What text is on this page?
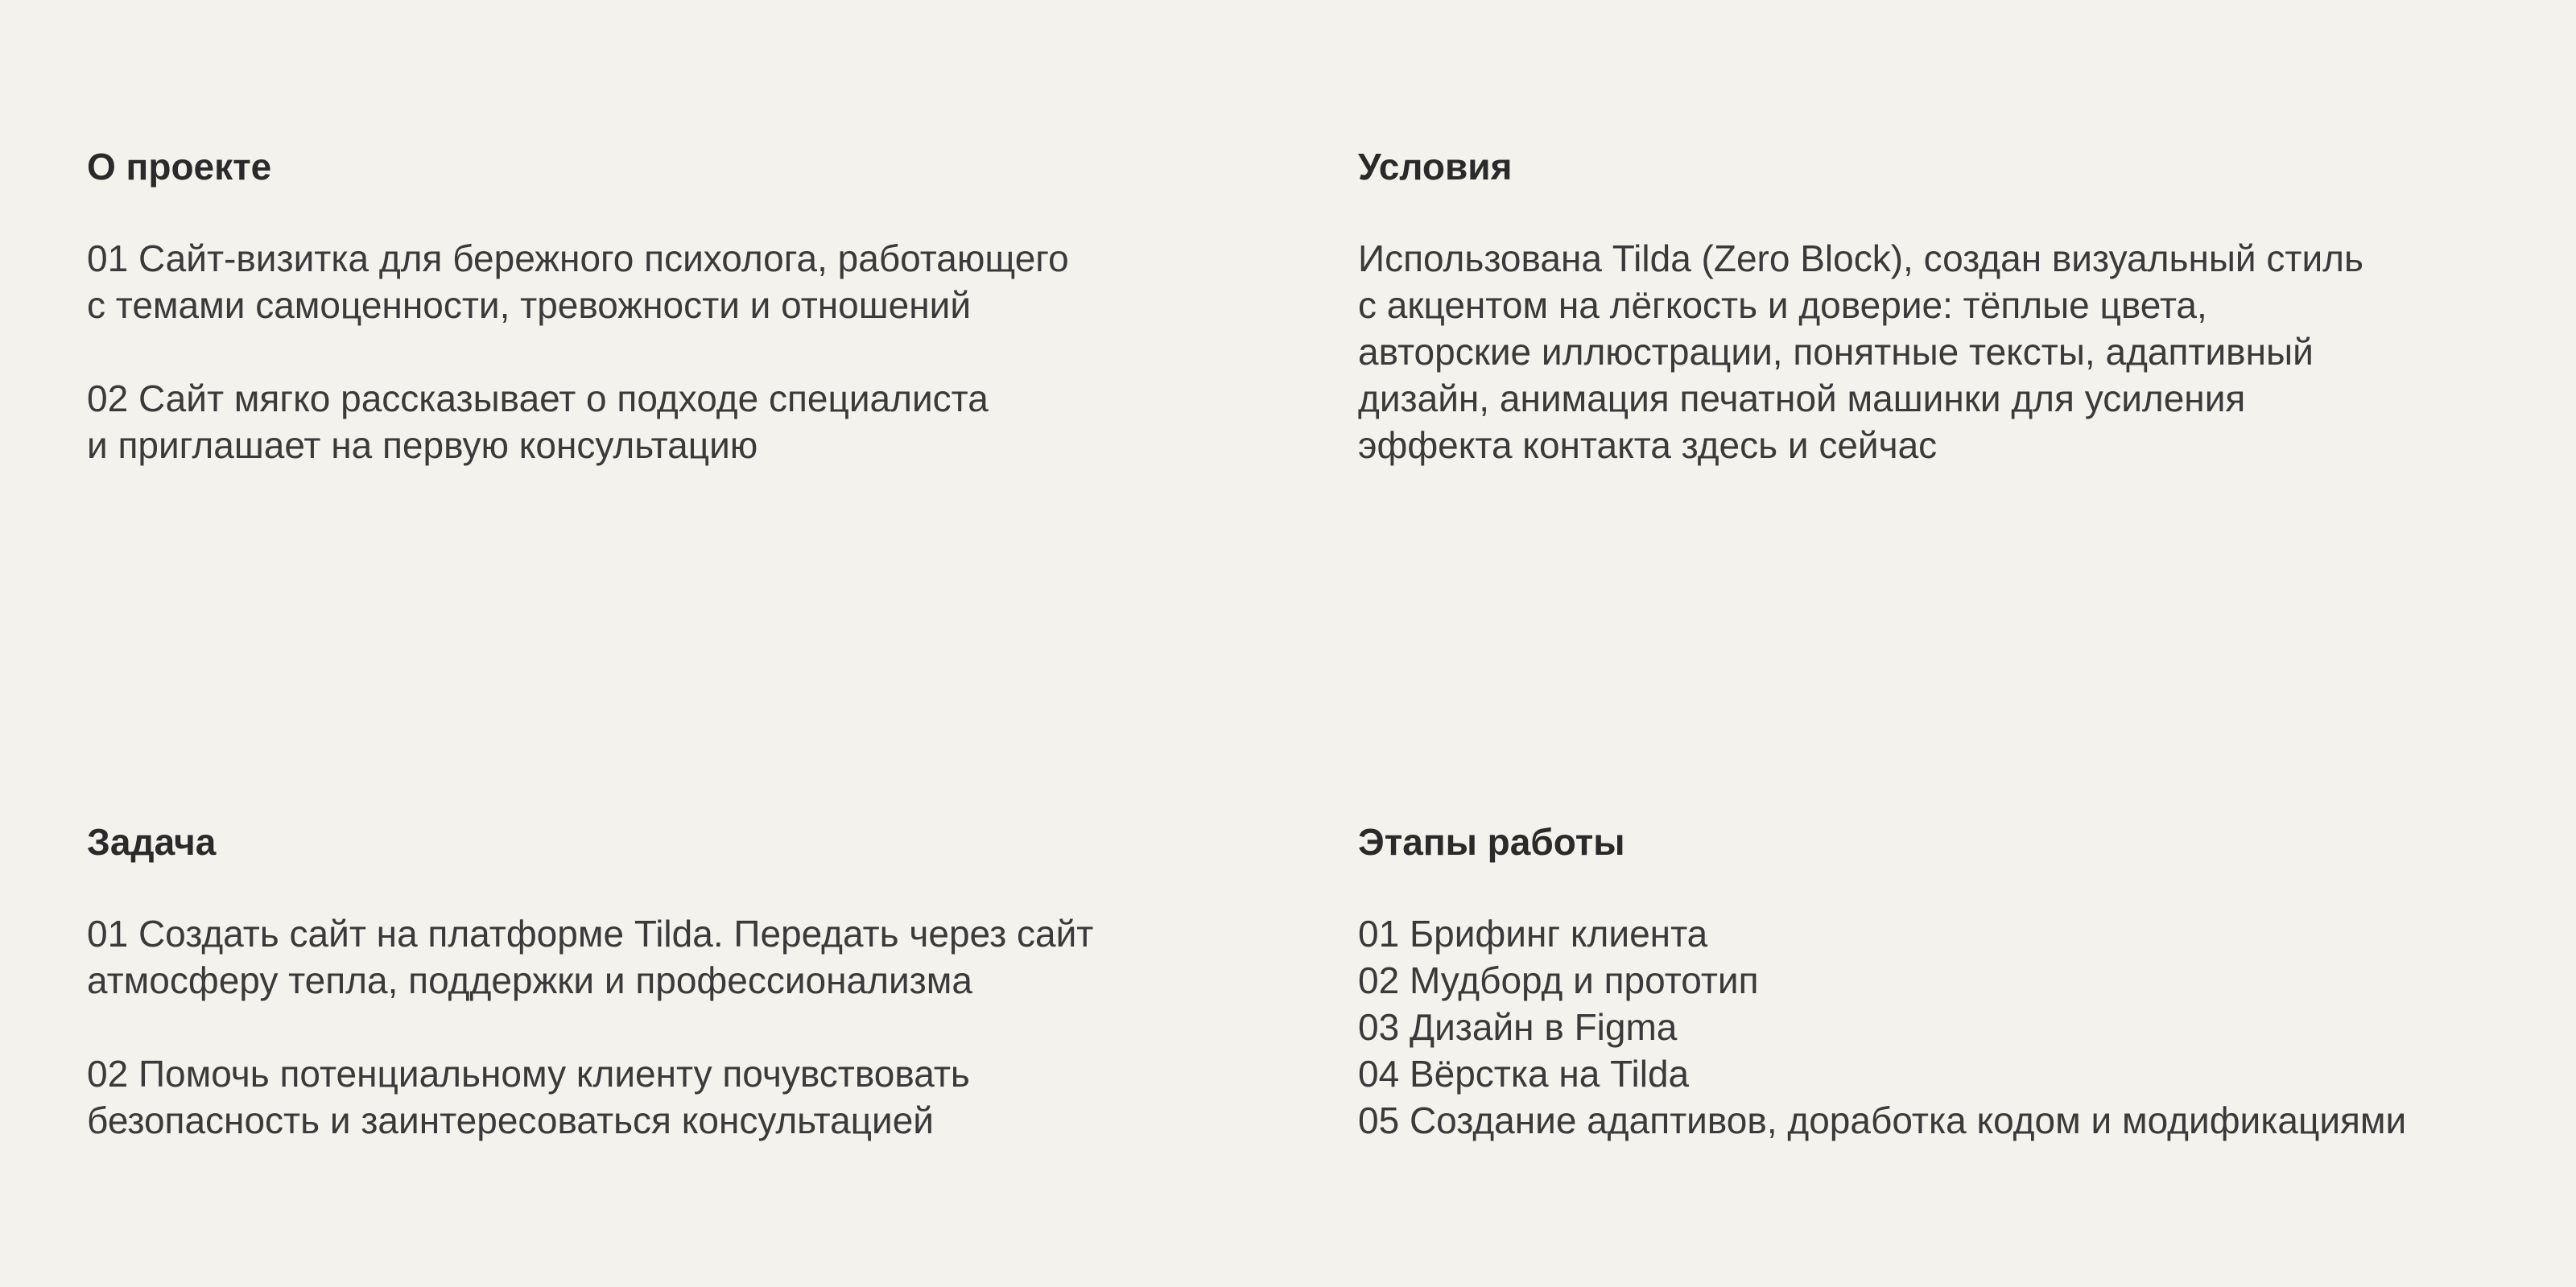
О проекте

01 Сайт-визитка для бережного психолога, работающего
с темами самоценности, тревожности и отношений

02 Сайт мягко рассказывает о подходе специалиста
и приглашает на первую консультацию

Условия

Использована Tilda (Zero Block), создан визуальный стиль
с акцентом на лёгкость и доверие: тёплые цвета,
авторские иллюстрации, понятные тексты, адаптивный
дизайн, анимация печатной машинки для усиления
эффекта контакта здесь и сейчас

Задача

01 Создать сайт на платформе Tilda. Передать через сайт
атмосферу тепла, поддержки и профессионализма

02 Помочь потенциальному клиенту почувствовать
безопасность и заинтересоваться консультацией

Этапы работы
01 Брифинг клиента
02 Мудборд и прототип
03 Дизайн в Figma
04 Вёрстка на Tilda
05 Создание адаптивов, доработка кодом и модификациями
